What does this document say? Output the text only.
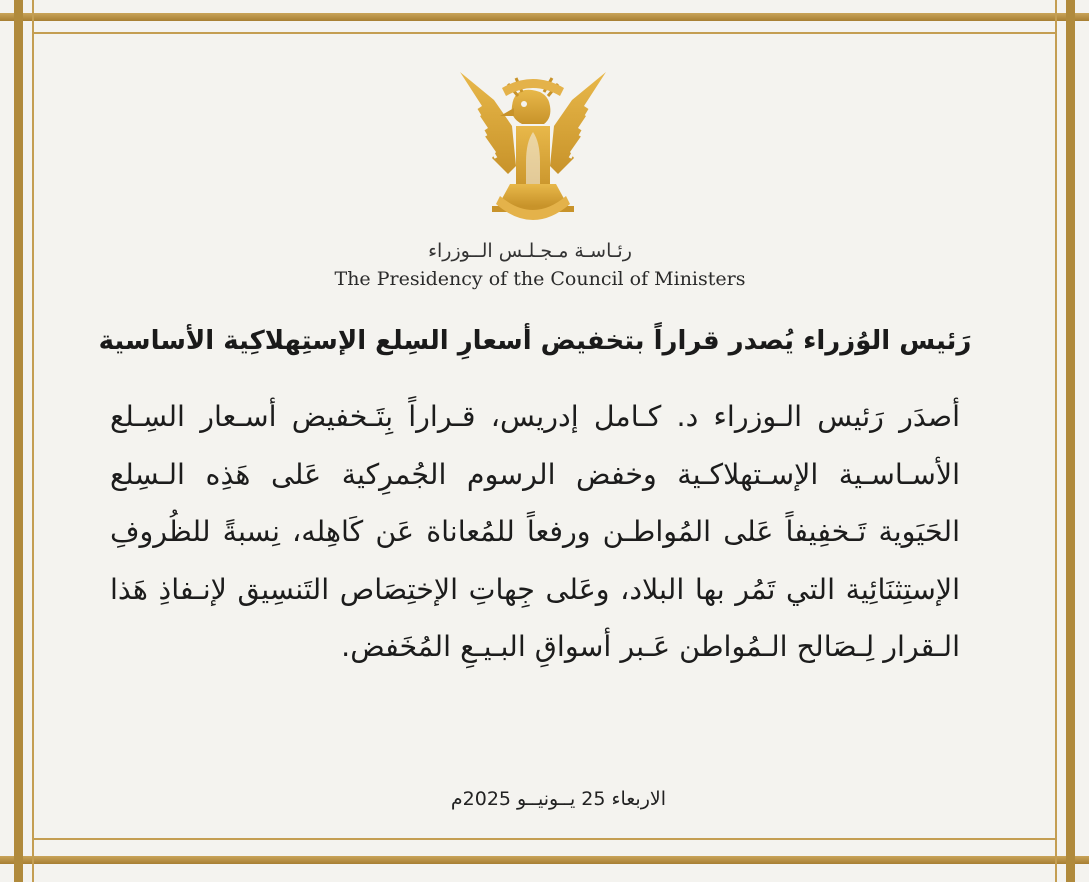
رئـاسـة مـجـلـس الــوزراء
The Presidency of the Council of Ministers
رَئيس الوُزراء يُصدر قراراً بتخفيض أسعارِ السِلع الإستِهلاكِية الأساسية
أصدَر رَئيس الـوزراء د. كـامل إدريس، قـراراً بِتَـخفيض أسـعار السِـلع الأسـاسـية الإسـتهلاكـية وخفض الرسوم الجُمرِكية عَلى هَذِه الـسِلع الحَيَوية تَـخفِيفاً عَلى المُواطـن ورفعاً للمُعاناة عَن كَاهِله، نِسبةً للظُروفِ الإستِثنَائِية التي تَمُر بها البلاد، وعَلى جِهاتِ الإختِصَاص التَنسِيق لإنـفاذِ هَذا الـقرار لِـصَالح الـمُواطن عَـبر أسواقِ البـيـعِ المُخَفض.
الاربعاء 25 يــونيــو 2025م
